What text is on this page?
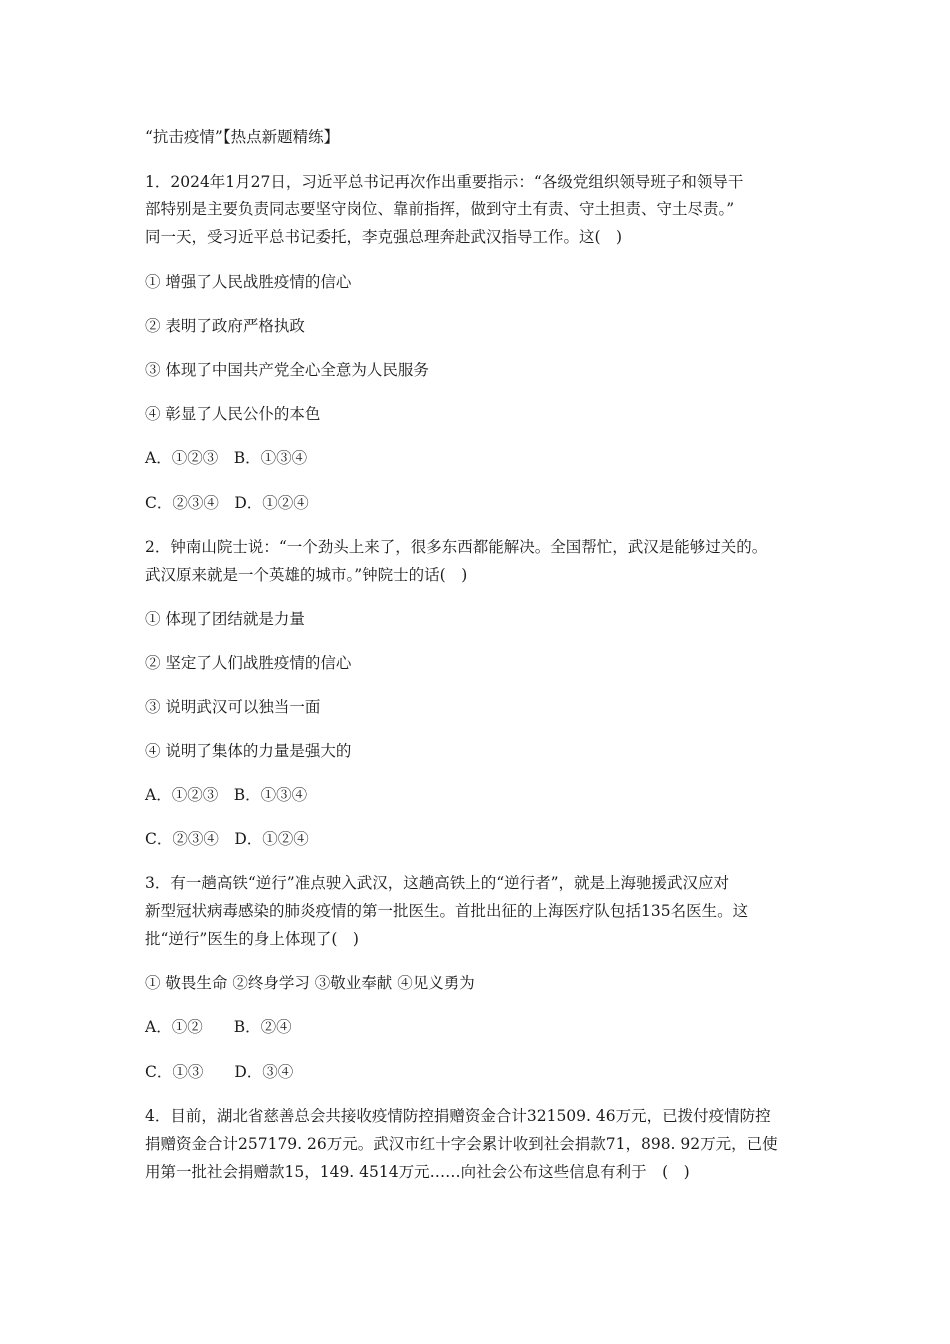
“抗击疫情”【热点新题精练】
1．2024年1月27日，习近平总书记再次作出重要指示：“各级党组织领导班子和领导干
部特别是主要负责同志要坚守岗位、靠前指挥，做到守土有责、守土担责、守土尽责。”
同一天，受习近平总书记委托，李克强总理奔赴武汉指导工作。这(　)
① 增强了人民战胜疫情的信心
② 表明了政府严格执政
③ 体现了中国共产党全心全意为人民服务
④ 彰显了人民公仆的本色
A．①②③　B．①③④
C．②③④　D．①②④
2．钟南山院士说：“一个劲头上来了，很多东西都能解决。全国帮忙，武汉是能够过关的。
武汉原来就是一个英雄的城市。”钟院士的话(　)
① 体现了团结就是力量
② 坚定了人们战胜疫情的信心
③ 说明武汉可以独当一面
④ 说明了集体的力量是强大的
A．①②③　B．①③④
C．②③④　D．①②④
3．有一趟高铁“逆行”准点驶入武汉，这趟高铁上的“逆行者”，就是上海驰援武汉应对
新型冠状病毒感染的肺炎疫情的第一批医生。首批出征的上海医疗队包括135名医生。这
批“逆行”医生的身上体现了(　)
① 敬畏生命 ②终身学习 ③敬业奉献 ④见义勇为
A．①②　　B．②④
C．①③　　D．③④
4．目前，湖北省慈善总会共接收疫情防控捐赠资金合计321509. 46万元，已拨付疫情防控
捐赠资金合计257179. 26万元。武汉市红十字会累计收到社会捐款71，898. 92万元，已使
用第一批社会捐赠款15，149. 4514万元……向社会公布这些信息有利于　(　)
